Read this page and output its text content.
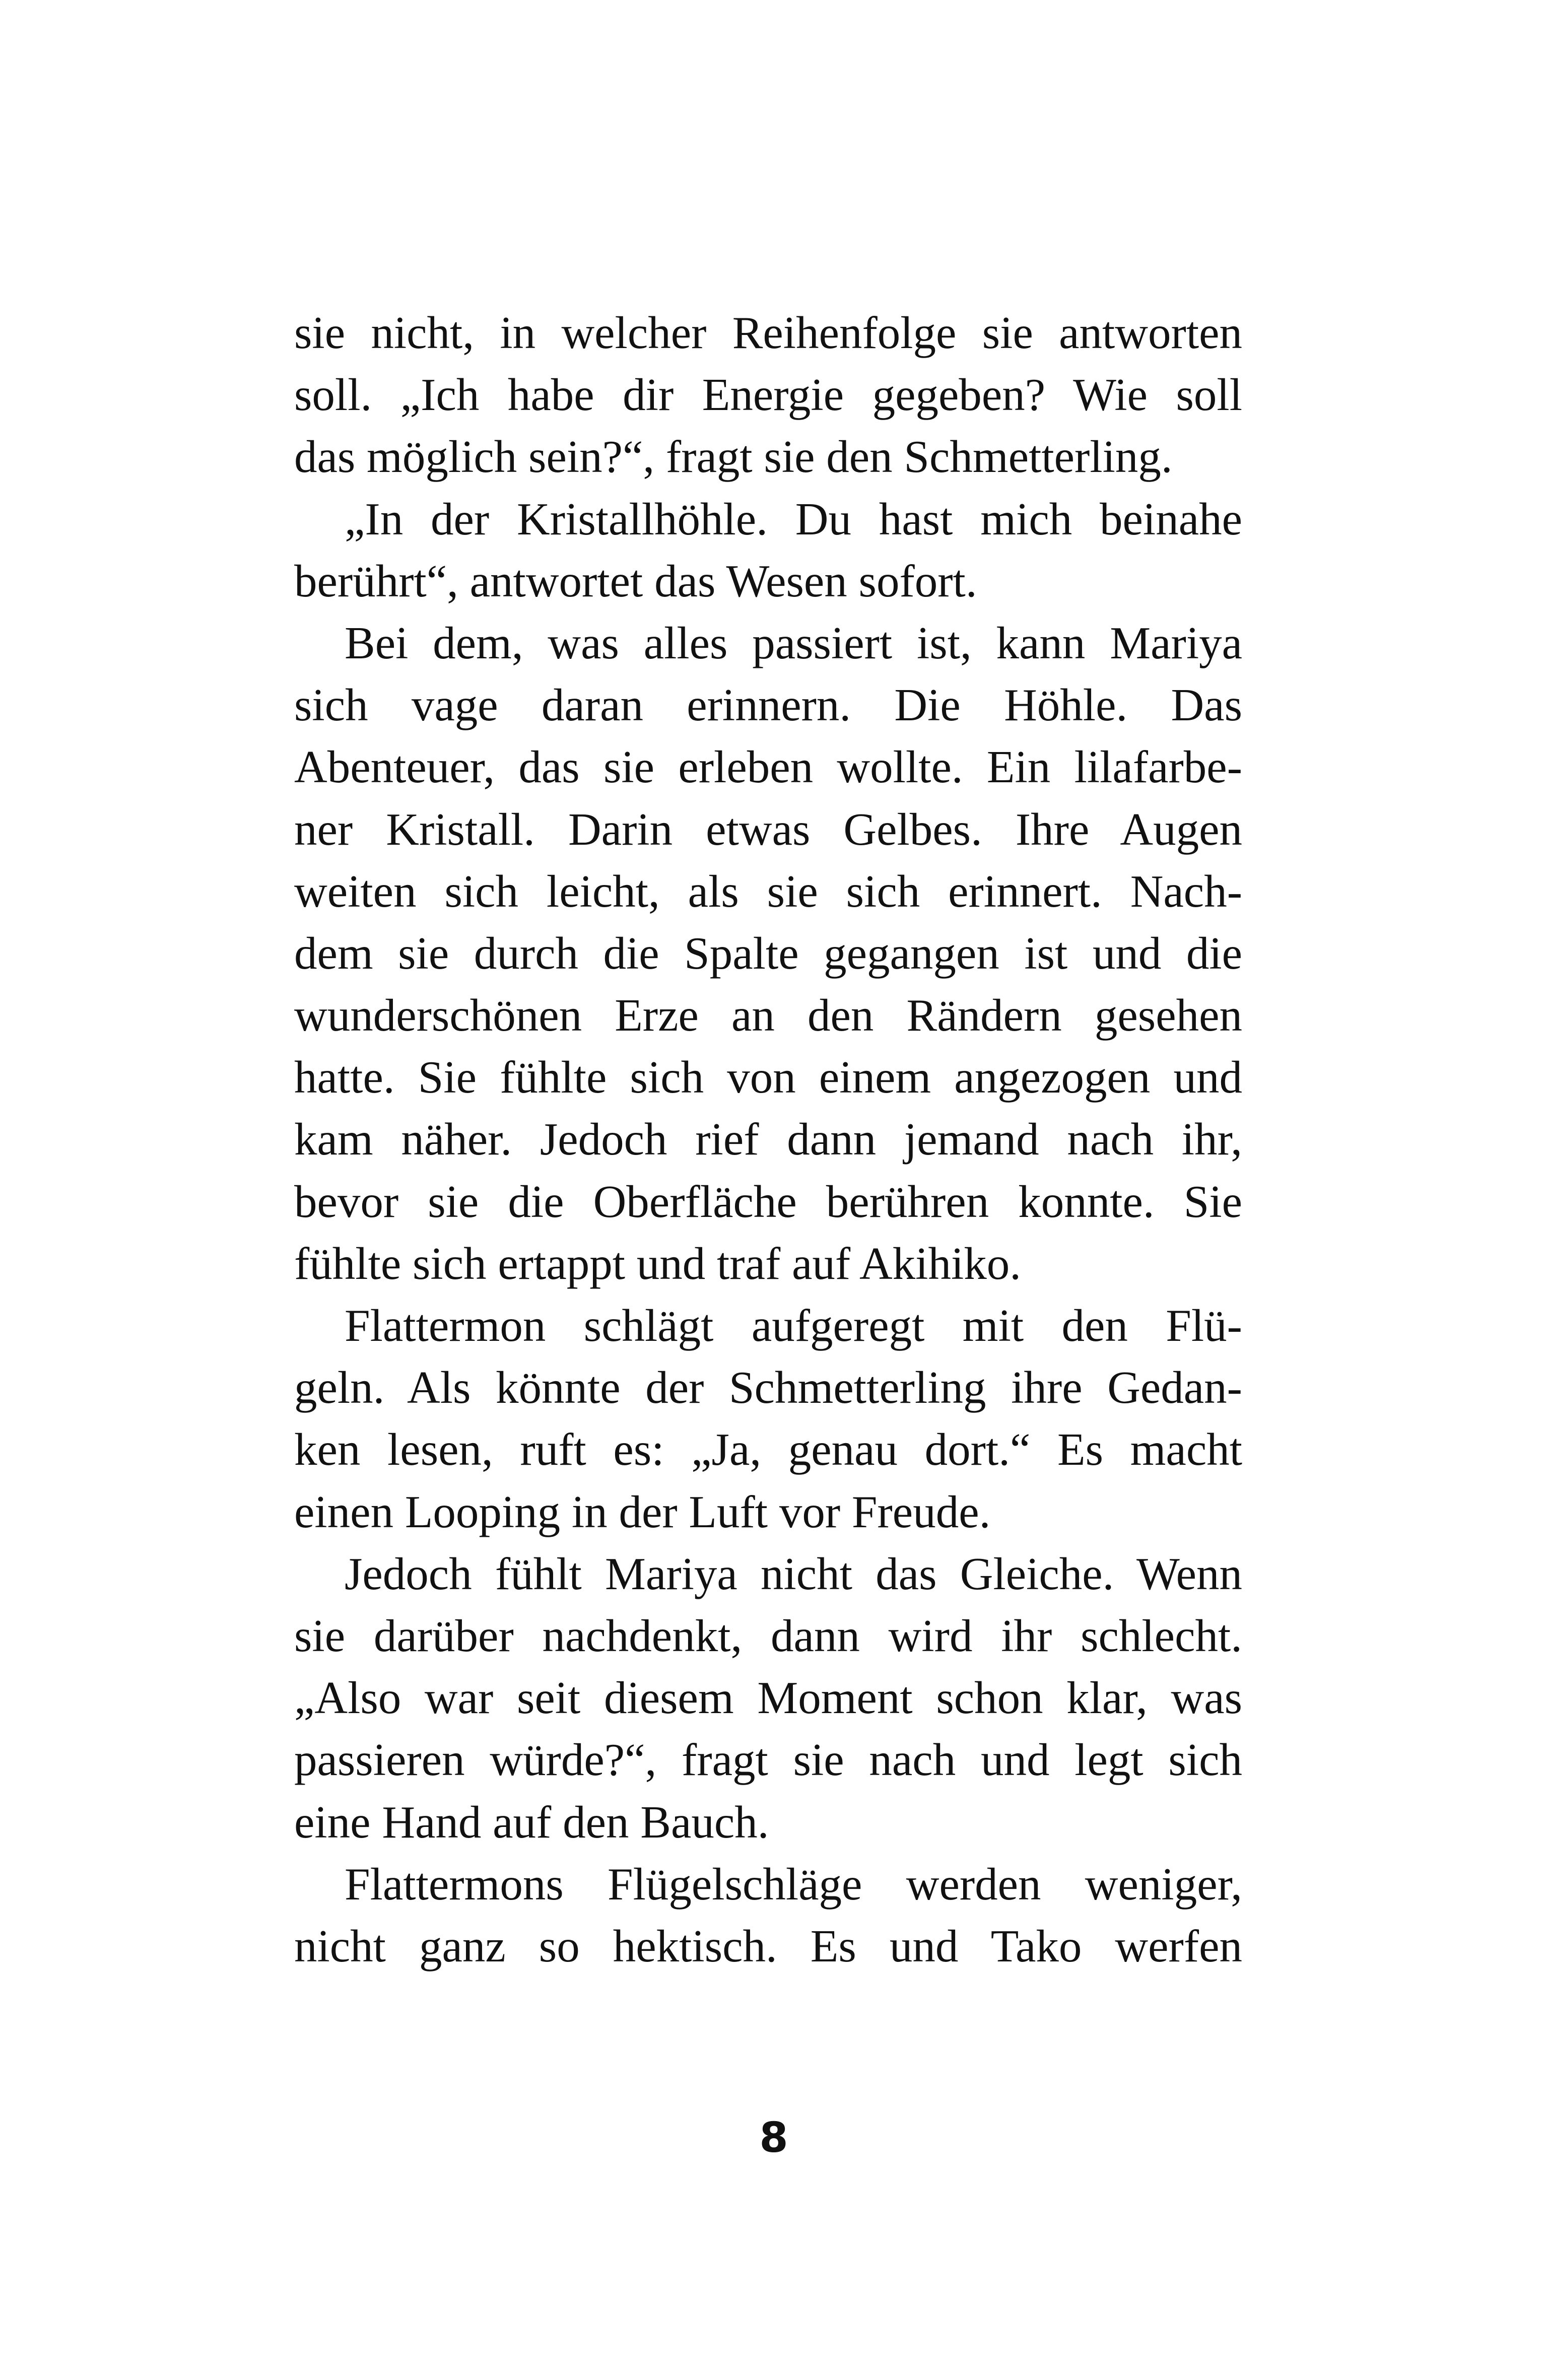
sie nicht, in welcher Reihenfolge sie antworten
soll. „Ich habe dir Energie gegeben? Wie soll
das möglich sein?“, fragt sie den Schmetterling.
„In der Kristallhöhle. Du hast mich beinahe
berührt“, antwortet das Wesen sofort.
Bei dem, was alles passiert ist, kann Mariya
sich vage daran erinnern. Die Höhle. Das
Abenteuer, das sie erleben wollte. Ein lilafarbe-
ner Kristall. Darin etwas Gelbes. Ihre Augen
weiten sich leicht, als sie sich erinnert. Nach-
dem sie durch die Spalte gegangen ist und die
wunderschönen Erze an den Rändern gesehen
hatte. Sie fühlte sich von einem angezogen und
kam näher. Jedoch rief dann jemand nach ihr,
bevor sie die Oberfläche berühren konnte. Sie
fühlte sich ertappt und traf auf Akihiko.
Flattermon schlägt aufgeregt mit den Flü-
geln. Als könnte der Schmetterling ihre Gedan-
ken lesen, ruft es: „Ja, genau dort.“ Es macht
einen Looping in der Luft vor Freude.
Jedoch fühlt Mariya nicht das Gleiche. Wenn
sie darüber nachdenkt, dann wird ihr schlecht.
„Also war seit diesem Moment schon klar, was
passieren würde?“, fragt sie nach und legt sich
eine Hand auf den Bauch.
Flattermons Flügelschläge werden weniger,
nicht ganz so hektisch. Es und Tako werfen
8
